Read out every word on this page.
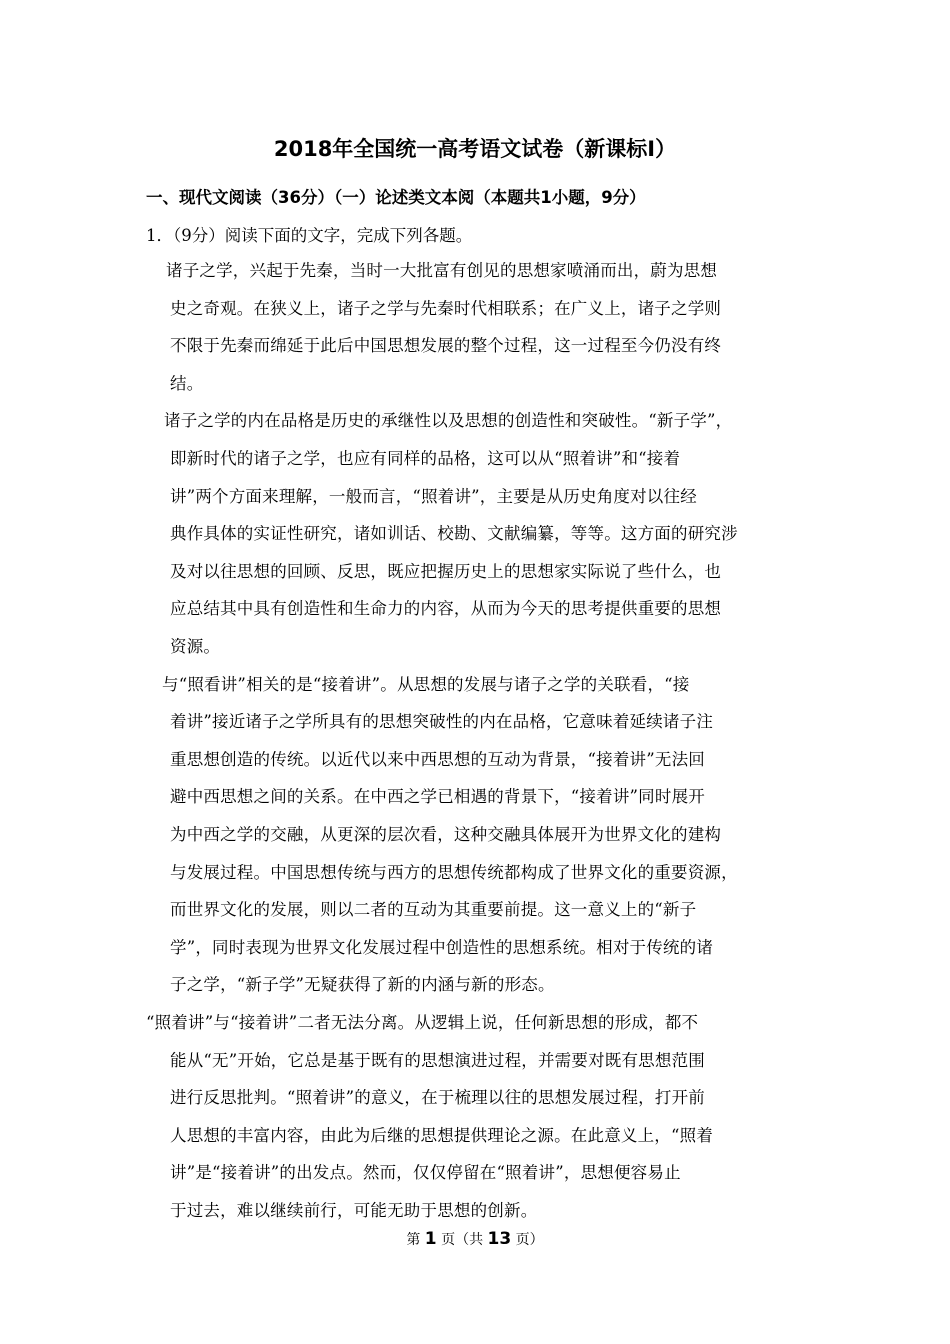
2018年全国统一高考语文试卷（新课标Ⅰ）
一、现代文阅读（36分）（一）论述类文本阅（本题共1小题，9分）
1．（9分）阅读下面的文字，完成下列各题。
诸子之学，兴起于先秦，当时一大批富有创见的思想家喷涌而出，蔚为思想
史之奇观。在狭义上，诸子之学与先秦时代相联系；在广义上，诸子之学则
不限于先秦而绵延于此后中国思想发展的整个过程，这一过程至今仍没有终
结。
诸子之学的内在品格是历史的承继性以及思想的创造性和突破性。“新子学”，
即新时代的诸子之学，也应有同样的品格，这可以从“照着讲”和“接着
讲”两个方面来理解，一般而言，“照着讲”，主要是从历史角度对以往经
典作具体的实证性研究，诸如训话、校勘、文献编纂，等等。这方面的研究涉
及对以往思想的回顾、反思，既应把握历史上的思想家实际说了些什么，也
应总结其中具有创造性和生命力的内容，从而为今天的思考提供重要的思想
资源。
与“照看讲”相关的是“接着讲”。从思想的发展与诸子之学的关联看，“接
着讲”接近诸子之学所具有的思想突破性的内在品格，它意味着延续诸子注
重思想创造的传统。以近代以来中西思想的互动为背景，“接着讲”无法回
避中西思想之间的关系。在中西之学已相遇的背景下，“接着讲”同时展开
为中西之学的交融，从更深的层次看，这种交融具体展开为世界文化的建构
与发展过程。中国思想传统与西方的思想传统都构成了世界文化的重要资源，
而世界文化的发展，则以二者的互动为其重要前提。这一意义上的“新子
学”，同时表现为世界文化发展过程中创造性的思想系统。相对于传统的诸
子之学，“新子学”无疑获得了新的内涵与新的形态。
“照着讲”与“接着讲”二者无法分离。从逻辑上说，任何新思想的形成，都不
能从“无”开始，它总是基于既有的思想演进过程，并需要对既有思想范围
进行反思批判。“照着讲”的意义，在于梳理以往的思想发展过程，打开前
人思想的丰富内容，由此为后继的思想提供理论之源。在此意义上，“照着
讲”是“接着讲”的出发点。然而，仅仅停留在“照着讲”，思想便容易止
于过去，难以继续前行，可能无助于思想的创新。
第 1 页（共 13 页）
